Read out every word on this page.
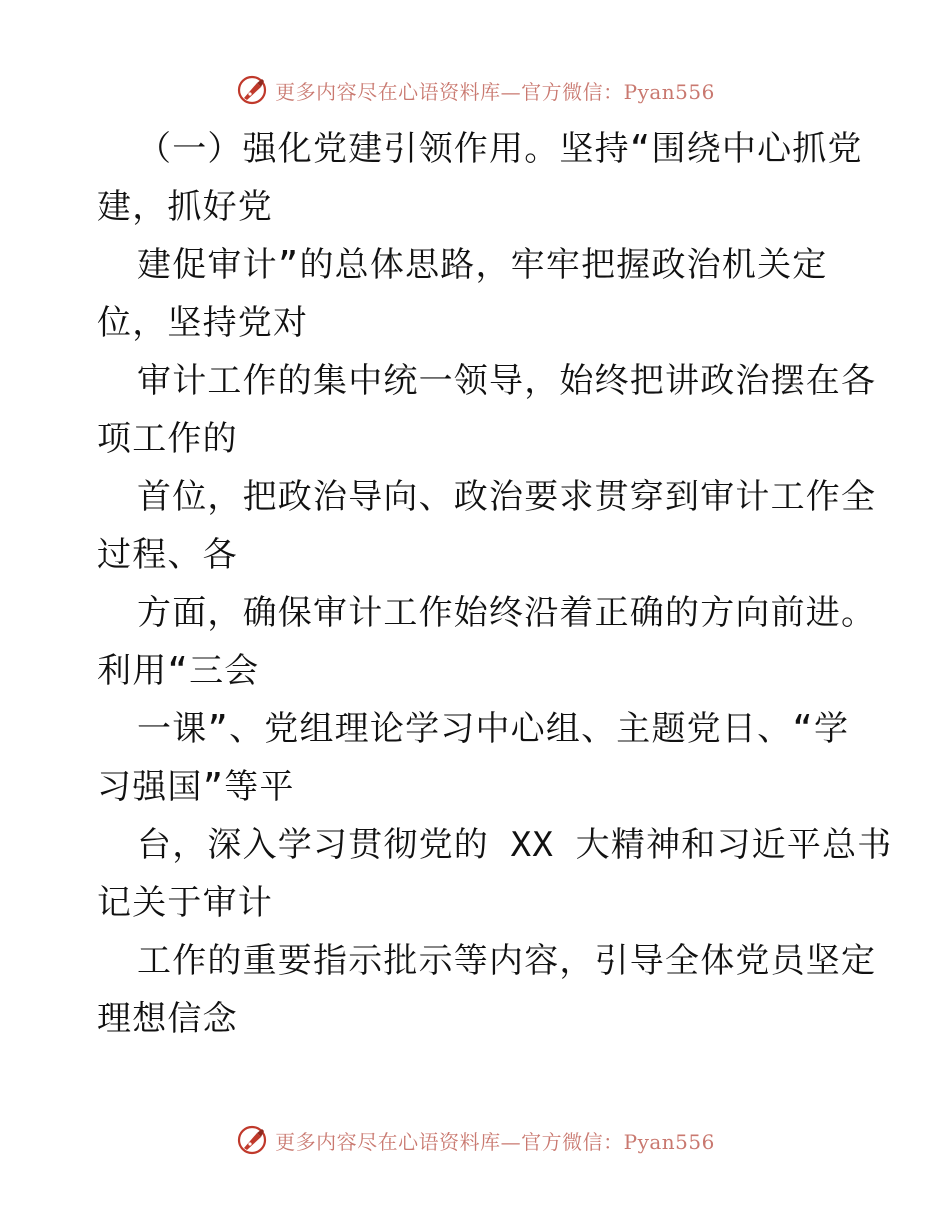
更多内容尽在心语资料库—官方微信：Pyan556
（一）强化党建引领作用。坚持“围绕中心抓党
建，抓好党
建促审计”的总体思路，牢牢把握政治机关定
位，坚持党对
审计工作的集中统一领导，始终把讲政治摆在各
项工作的
首位，把政治导向、政治要求贯穿到审计工作全
过程、各
方面，确保审计工作始终沿着正确的方向前进。
利用“三会
一课”、党组理论学习中心组、主题党日、“学
习强国”等平
台，深入学习贯彻党的 XX 大精神和习近平总书
记关于审计
工作的重要指示批示等内容，引导全体党员坚定
理想信念
更多内容尽在心语资料库—官方微信：Pyan556
